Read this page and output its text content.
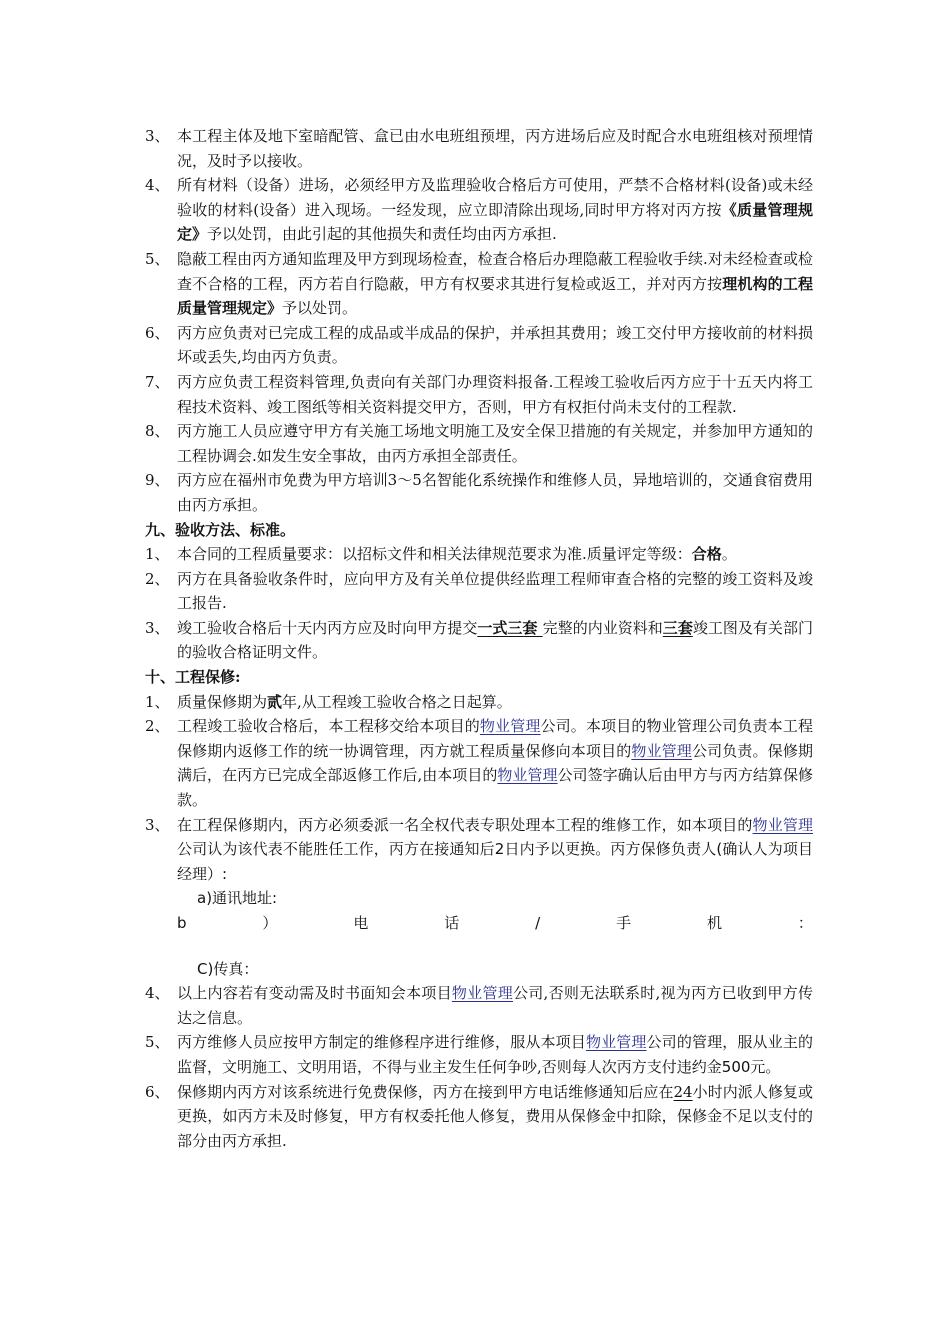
3、 本工程主体及地下室暗配管、盒已由水电班组预埋，丙方进场后应及时配合水电班组核对预埋情况，及时予以接收。
4、 所有材料（设备）进场，必须经甲方及监理验收合格后方可使用，严禁不合格材料(设备)或未经验收的材料(设备）进入现场。一经发现，应立即清除出现场,同时甲方将对丙方按《质量管理规定》予以处罚，由此引起的其他损失和责任均由丙方承担.
5、 隐蔽工程由丙方通知监理及甲方到现场检查，检查合格后办理隐蔽工程验收手续.对未经检查或检查不合格的工程，丙方若自行隐蔽，甲方有权要求其进行复检或返工，并对丙方按理机构的工程质量管理规定》予以处罚。
6、 丙方应负责对已完成工程的成品或半成品的保护，并承担其费用；竣工交付甲方接收前的材料损坏或丢失,均由丙方负责。
7、 丙方应负责工程资料管理,负责向有关部门办理资料报备.工程竣工验收后丙方应于十五天内将工程技术资料、竣工图纸等相关资料提交甲方，否则，甲方有权拒付尚未支付的工程款.
8、 丙方施工人员应遵守甲方有关施工场地文明施工及安全保卫措施的有关规定，并参加甲方通知的工程协调会.如发生安全事故，由丙方承担全部责任。
9、 丙方应在福州市免费为甲方培训3～5名智能化系统操作和维修人员，异地培训的，交通食宿费用由丙方承担。
九、验收方法、标准。
1、 本合同的工程质量要求：以招标文件和相关法律规范要求为准.质量评定等级：合格。
2、 丙方在具备验收条件时，应向甲方及有关单位提供经监理工程师审查合格的完整的竣工资料及竣工报告.
3、 竣工验收合格后十天内丙方应及时向甲方提交一式三套 完整的内业资料和三套竣工图及有关部门的验收合格证明文件。
十、工程保修:
1、 质量保修期为贰年,从工程竣工验收合格之日起算。
2、 工程竣工验收合格后，本工程移交给本项目的物业管理公司。本项目的物业管理公司负责本工程保修期内返修工作的统一协调管理，丙方就工程质量保修向本项目的物业管理公司负责。保修期满后，在丙方已完成全部返修工作后,由本项目的物业管理公司签字确认后由甲方与丙方结算保修款。
3、 在工程保修期内，丙方必须委派一名全权代表专职处理本工程的维修工作，如本项目的物业管理公司认为该代表不能胜任工作，丙方在接通知后2日内予以更换。丙方保修负责人(确认人为项目经理）:
a)通讯地址:
b	）	电	话	/	手	机	：
C)传真：
4、 以上内容若有变动需及时书面知会本项目物业管理公司,否则无法联系时,视为丙方已收到甲方传达之信息。
5、 丙方维修人员应按甲方制定的维修程序进行维修，服从本项目物业管理公司的管理，服从业主的监督，文明施工、文明用语，不得与业主发生任何争吵,否则每人次丙方支付违约金500元。
6、 保修期内丙方对该系统进行免费保修，丙方在接到甲方电话维修通知后应在24小时内派人修复或更换，如丙方未及时修复，甲方有权委托他人修复，费用从保修金中扣除，保修金不足以支付的部分由丙方承担.
